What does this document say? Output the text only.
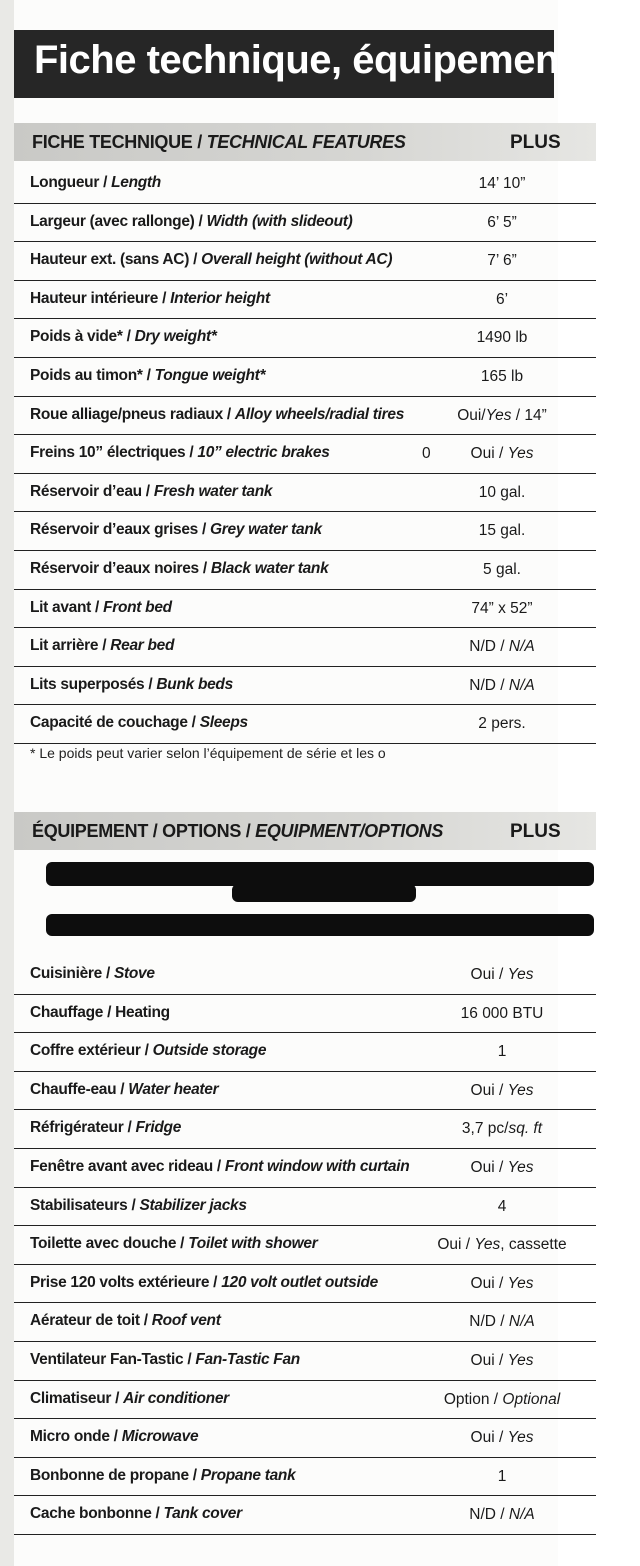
Fiche technique, équipement
FICHE TECHNIQUE / TECHNICAL FEATURES	PLUS
Longueur / Length	14’ 10”
Largeur (avec rallonge) / Width (with slideout)	6’ 5”
Hauteur ext. (sans AC) / Overall height (without AC)	7’ 6”
Hauteur intérieure / Interior height	6’
Poids à vide* / Dry weight*	1490 lb
Poids au timon* / Tongue weight*	165 lb
Roue alliage/pneus radiaux / Alloy wheels/radial tires	Oui/Yes / 14”
Freins 10” électriques / 10” electric brakes	0	Oui / Yes
Réservoir d’eau / Fresh water tank	10 gal.
Réservoir d’eaux grises / Grey water tank	15 gal.
Réservoir d’eaux noires / Black water tank	5 gal.
Lit avant / Front bed	74” x 52”
Lit arrière / Rear bed	N/D / N/A
Lits superposés / Bunk beds	N/D / N/A
Capacité de couchage / Sleeps	2 pers.
* Le poids peut varier selon l’équipement de série et les o
ÉQUIPEMENT / OPTIONS / EQUIPMENT/OPTIONS	PLUS
Cuisinière / Stove	Oui / Yes
Chauffage / Heating	16 000 BTU
Coffre extérieur / Outside storage	1
Chauffe-eau / Water heater	Oui / Yes
Réfrigérateur / Fridge	3,7 pc/sq. ft
Fenêtre avant avec rideau / Front window with curtain	Oui / Yes
Stabilisateurs / Stabilizer jacks	4
Toilette avec douche / Toilet with shower	Oui / Yes, cassette
Prise 120 volts extérieure / 120 volt outlet outside	Oui / Yes
Aérateur de toit / Roof vent	N/D / N/A
Ventilateur Fan-Tastic / Fan-Tastic Fan	Oui / Yes
Climatiseur / Air conditioner	Option / Optional
Micro onde / Microwave	Oui / Yes
Bonbonne de propane / Propane tank	1
Cache bonbonne / Tank cover	N/D / N/A
